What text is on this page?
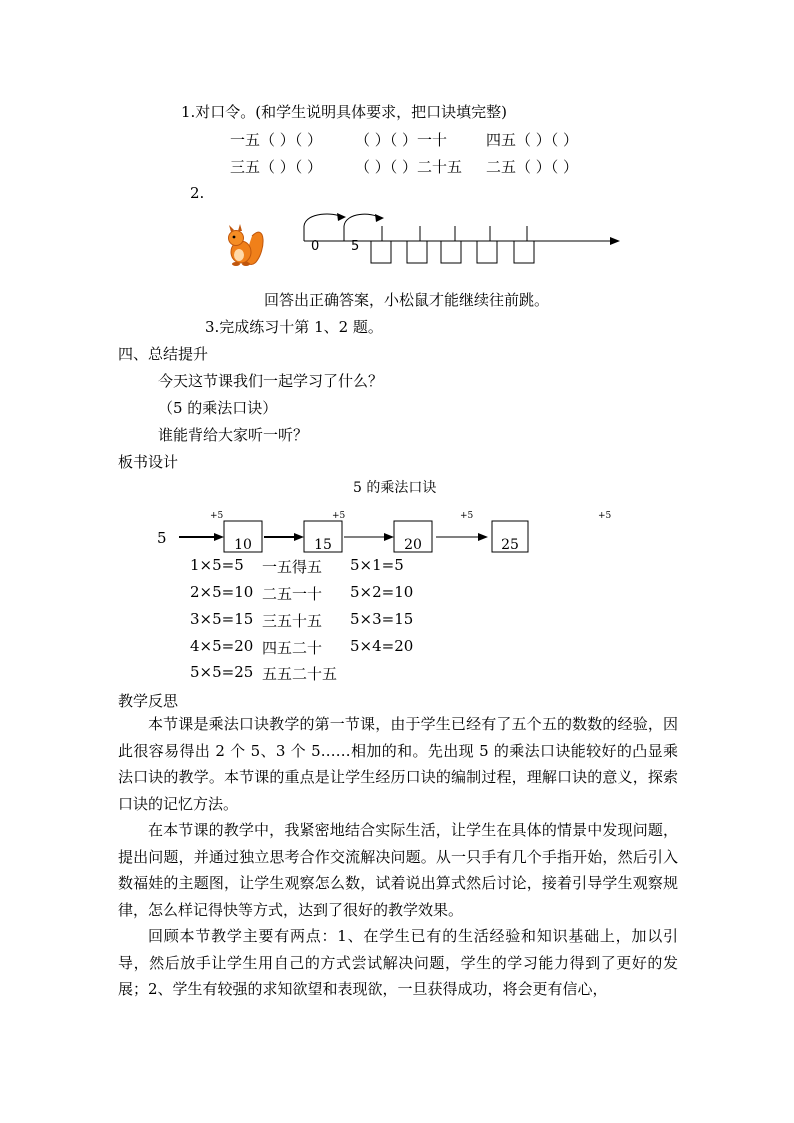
1.对口令。(和学生说明具体要求，把口诀填完整)
一五（ ）（ ） （ ）（ ）一十	四五（ ）（ ）
三五（ ）（ ） （ ）（ ）二十五 二五（ ）（ ）
2.
0 5
回答出正确答案，小松鼠才能继续往前跳。
3.完成练习十第 1、2 题。
四、总结提升
今天这节课我们一起学习了什么？
（5 的乘法口诀）
谁能背给大家听一听？
板书设计
5 的乘法口诀
+5	+5	+5	+5
5	10	15	20	25
1×5=5 一五得五 5×1=5
2×5=10 二五一十 5×2=10
3×5=15 三五十五 5×3=15
4×5=20 四五二十 5×4=20
5×5=25 五五二十五
教学反思

本节课是乘法口诀教学的第一节课，由于学生已经有了五个五的数数的经验，因此很容易得出 2 个 5、3 个 5……相加的和。先出现 5 的乘法口诀能较好的凸显乘法口诀的教学。本节课的重点是让学生经历口诀的编制过程，理解口诀的意义，探索口诀的记忆方法。

在本节课的教学中，我紧密地结合实际生活，让学生在具体的情景中发现问题，提出问题，并通过独立思考合作交流解决问题。从一只手有几个手指开始，然后引入数福娃的主题图，让学生观察怎么数，试着说出算式然后讨论，接着引导学生观察规律，怎么样记得快等方式，达到了很好的教学效果。

回顾本节教学主要有两点：1、在学生已有的生活经验和知识基础上，加以引导，然后放手让学生用自己的方式尝试解决问题，学生的学习能力得到了更好的发展；2、学生有较强的求知欲望和表现欲，一旦获得成功，将会更有信心，
